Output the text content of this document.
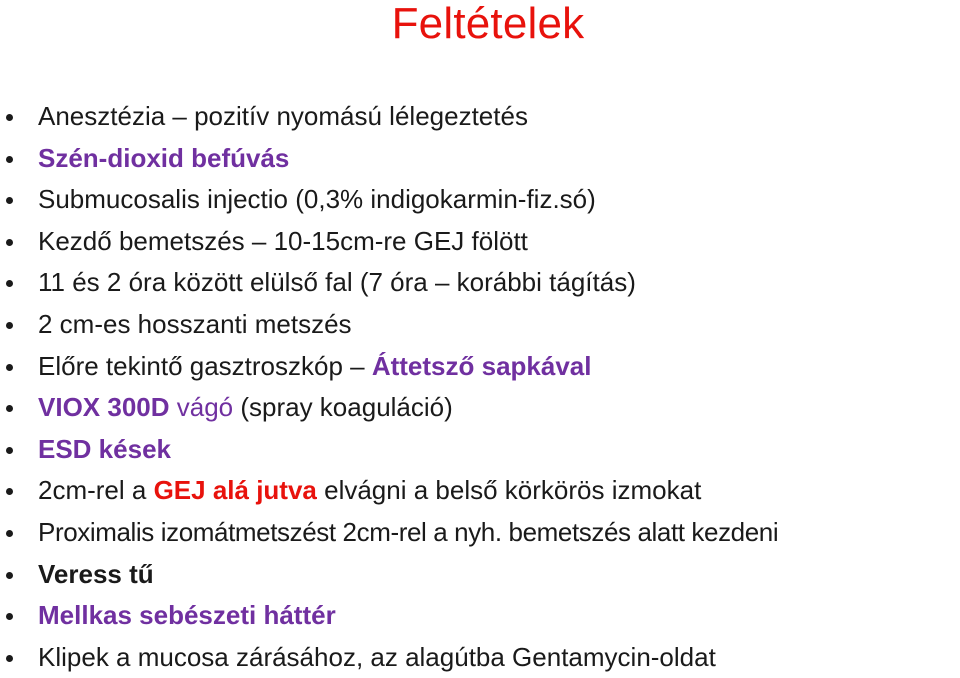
Feltételek
Anesztézia – pozitív nyomású lélegeztetés
Szén-dioxid befúvás
Submucosalis injectio (0,3% indigokarmin-fiz.só)
Kezdő bemetszés – 10-15cm-re GEJ fölött
11 és 2 óra között elülső fal (7 óra – korábbi tágítás)
2 cm-es hosszanti metszés
Előre tekintő gasztroszkóp – Áttetsző sapkával
VIOX 300D vágó (spray koaguláció)
ESD kések
2cm-rel a GEJ alá jutva elvágni a belső körkörös izmokat
Proximalis izomátmetszést 2cm-rel a nyh. bemetszés alatt kezdeni
Veress tű
Mellkas sebészeti háttér
Klipek a mucosa zárásához, az alagútba Gentamycin-oldat
